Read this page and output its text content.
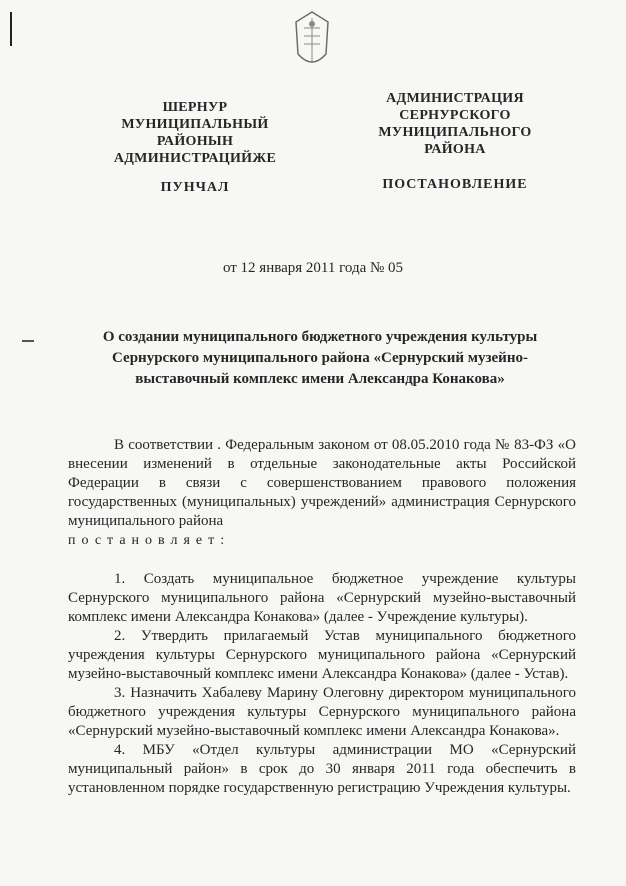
ШЕРНУР
МУНИЦИПАЛЬНЫЙ
РАЙОНЫН
АДМИНИСТРАЦИЙЖЕ
АДМИНИСТРАЦИЯ
СЕРНУРСКОГО
МУНИЦИПАЛЬНОГО
РАЙОНА
ПУНЧАЛ	ПОСТАНОВЛЕНИЕ
от 12 января 2011 года № 05
О создании муниципального бюджетного учреждения культуры
Сернурского муниципального района «Сернурский музейно-
выставочный комплекс имени Александра Конакова»

В соответствии . Федеральным законом от 08.05.2010 года № 83-ФЗ «О внесении изменений в отдельные законодательные акты Российской Федерации в связи с совершенствованием правового положения государственных (муниципальных) учреждений» администрация Сернурского муниципального района

постановляет:

1. Создать муниципальное бюджетное учреждение культуры Сернурского муниципального района «Сернурский музейно-выставочный комплекс имени Александра Конакова» (далее - Учреждение культуры).

2. Утвердить прилагаемый Устав муниципального бюджетного учреждения культуры Сернурского муниципального района «Сернурский музейно-выставочный комплекс имени Александра Конакова» (далее - Устав).

3. Назначить Хабалеву Марину Олеговну директором муниципального бюджетного учреждения культуры Сернурского муниципального района «Сернурский музейно-выставочный комплекс имени Александра Конакова».

4. МБУ «Отдел культуры администрации МО «Сернурский муниципальный район» в срок до 30 января 2011 года обеспечить в установленном порядке государственную регистрацию Учреждения культуры.
